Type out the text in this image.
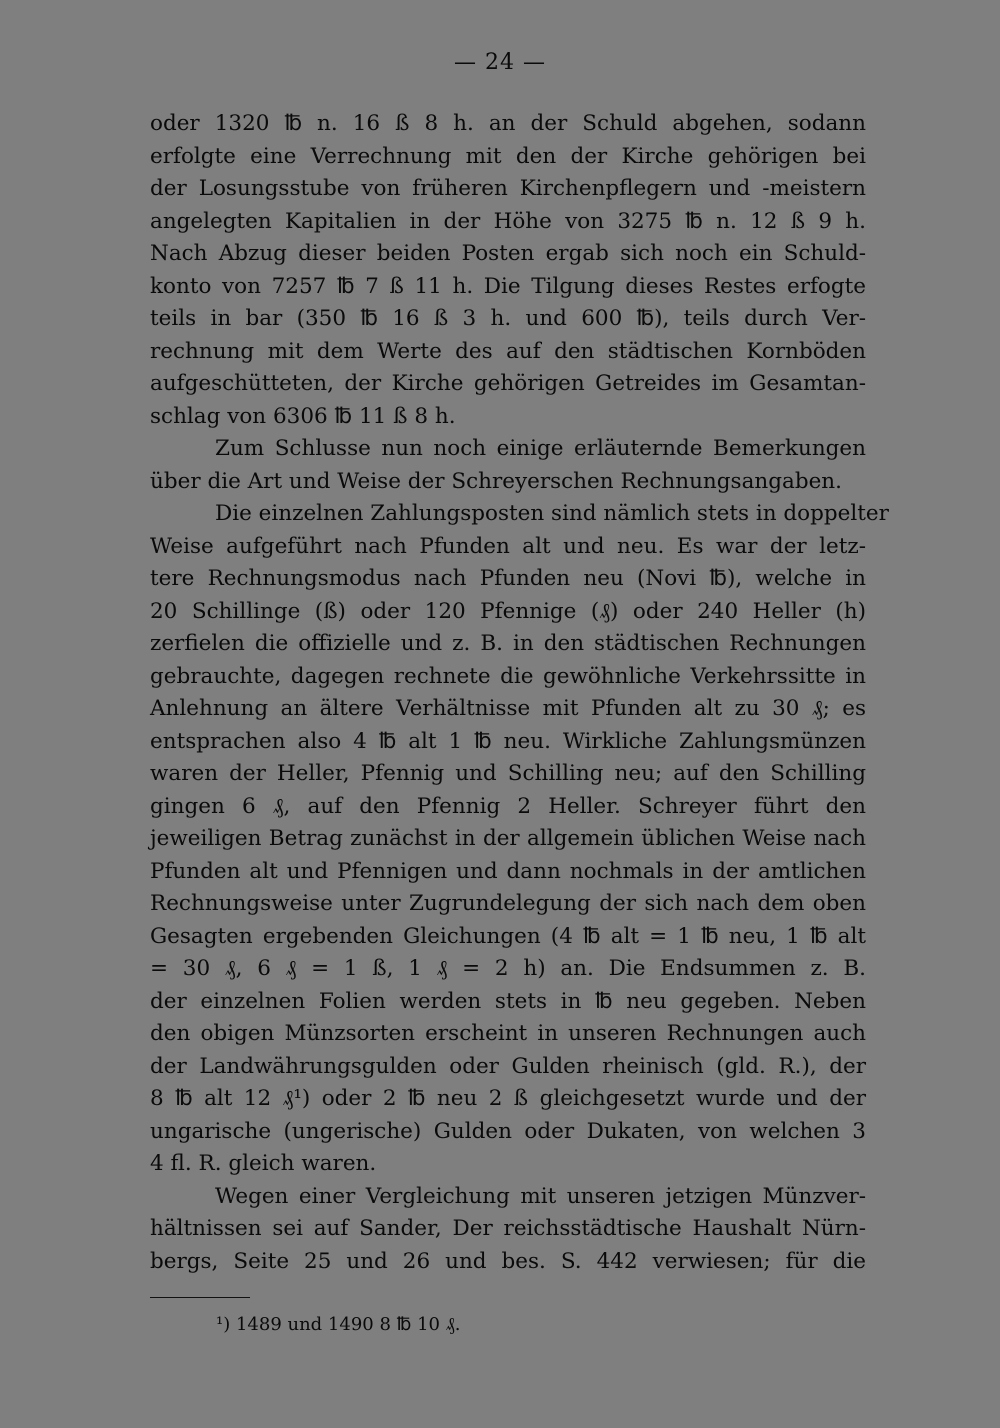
— 24 —
oder 1320 ℔ n. 16 ß 8 h. an der Schuld abgehen, sodann
erfolgte eine Verrechnung mit den der Kirche gehörigen bei
der Losungsstube von früheren Kirchenpflegern und -meistern
angelegten Kapitalien in der Höhe von 3275 ℔ n. 12 ß 9 h.
Nach Abzug dieser beiden Posten ergab sich noch ein Schuld-
konto von 7257 ℔ 7 ß 11 h. Die Tilgung dieses Restes erfogte
teils in bar (350 ℔ 16 ß 3 h. und 600 ℔), teils durch Ver-
rechnung mit dem Werte des auf den städtischen Kornböden
aufgeschütteten, der Kirche gehörigen Getreides im Gesamtan-
schlag von 6306 ℔ 11 ß 8 h.
Zum Schlusse nun noch einige erläuternde Bemerkungen
über die Art und Weise der Schreyerschen Rechnungsangaben.
Die einzelnen Zahlungsposten sind nämlich stets in doppelter
Weise aufgeführt nach Pfunden alt und neu. Es war der letz-
tere Rechnungsmodus nach Pfunden neu (Novi ℔), welche in
20 Schillinge (ß) oder 120 Pfennige (₰) oder 240 Heller (h)
zerfielen die offizielle und z. B. in den städtischen Rechnungen
gebrauchte, dagegen rechnete die gewöhnliche Verkehrssitte in
Anlehnung an ältere Verhältnisse mit Pfunden alt zu 30 ₰; es
entsprachen also 4 ℔ alt 1 ℔ neu. Wirkliche Zahlungsmünzen
waren der Heller, Pfennig und Schilling neu; auf den Schilling
gingen 6 ₰, auf den Pfennig 2 Heller. Schreyer führt den
jeweiligen Betrag zunächst in der allgemein üblichen Weise nach
Pfunden alt und Pfennigen und dann nochmals in der amtlichen
Rechnungsweise unter Zugrundelegung der sich nach dem oben
Gesagten ergebenden Gleichungen (4 ℔ alt = 1 ℔ neu, 1 ℔ alt
= 30 ₰, 6 ₰ = 1 ß, 1 ₰ = 2 h) an. Die Endsummen z. B.
der einzelnen Folien werden stets in ℔ neu gegeben. Neben
den obigen Münzsorten erscheint in unseren Rechnungen auch
der Landwährungsgulden oder Gulden rheinisch (gld. R.), der
8 ℔ alt 12 ₰¹) oder 2 ℔ neu 2 ß gleichgesetzt wurde und der
ungarische (ungerische) Gulden oder Dukaten, von welchen 3
4 fl. R. gleich waren.
Wegen einer Vergleichung mit unseren jetzigen Münzver-
hältnissen sei auf Sander, Der reichsstädtische Haushalt Nürn-
bergs, Seite 25 und 26 und bes. S. 442 verwiesen; für die
¹) 1489 und 1490 8 ℔ 10 ₰.
